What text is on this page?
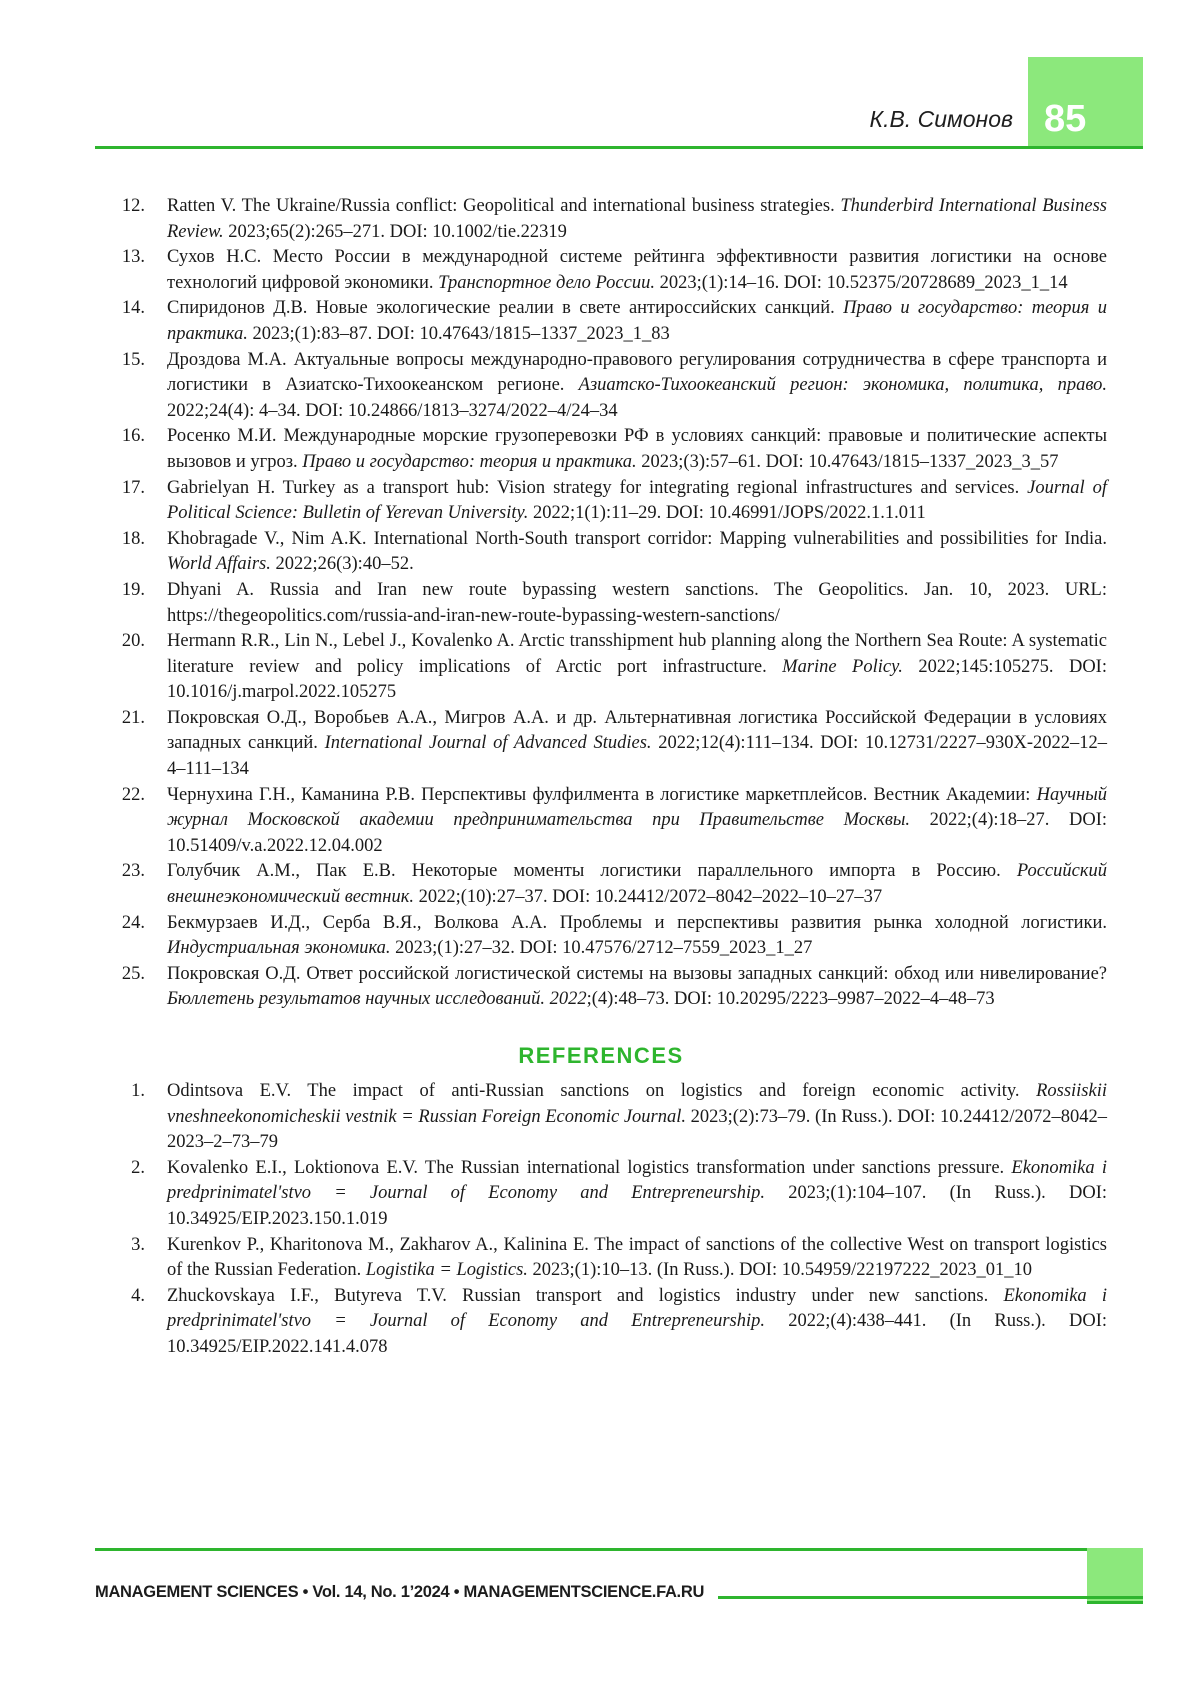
К.В. Симонов 85
12. Ratten V. The Ukraine/Russia conflict: Geopolitical and international business strategies. Thunderbird International Business Review. 2023;65(2):265–271. DOI: 10.1002/tie.22319
13. Сухов Н.С. Место России в международной системе рейтинга эффективности развития логистики на основе технологий цифровой экономики. Транспортное дело России. 2023;(1):14–16. DOI: 10.52375/20728689_2023_1_14
14. Спиридонов Д.В. Новые экологические реалии в свете антироссийских санкций. Право и государство: теория и практика. 2023;(1):83–87. DOI: 10.47643/1815–1337_2023_1_83
15. Дроздова М.А. Актуальные вопросы международно-правового регулирования сотрудничества в сфере транспорта и логистики в Азиатско-Тихоокеанском регионе. Азиатско-Тихоокеанский регион: экономика, политика, право. 2022;24(4): 4–34. DOI: 10.24866/1813–3274/2022–4/24–34
16. Росенко М.И. Международные морские грузоперевозки РФ в условиях санкций: правовые и политические аспекты вызовов и угроз. Право и государство: теория и практика. 2023;(3):57–61. DOI: 10.47643/1815–1337_2023_3_57
17. Gabrielyan H. Turkey as a transport hub: Vision strategy for integrating regional infrastructures and services. Journal of Political Science: Bulletin of Yerevan University. 2022;1(1):11–29. DOI: 10.46991/JOPS/2022.1.1.011
18. Khobragade V., Nim A.K. International North-South transport corridor: Mapping vulnerabilities and possibilities for India. World Affairs. 2022;26(3):40–52.
19. Dhyani A. Russia and Iran new route bypassing western sanctions. The Geopolitics. Jan. 10, 2023. URL: https://thegeopolitics.com/russia-and-iran-new-route-bypassing-western-sanctions/
20. Hermann R.R., Lin N., Lebel J., Kovalenko A. Arctic transshipment hub planning along the Northern Sea Route: A systematic literature review and policy implications of Arctic port infrastructure. Marine Policy. 2022;145:105275. DOI: 10.1016/j.marpol.2022.105275
21. Покровская О.Д., Воробьев А.А., Мигров А.А. и др. Альтернативная логистика Российской Федерации в условиях западных санкций. International Journal of Advanced Studies. 2022;12(4):111–134. DOI: 10.12731/2227–930X-2022–12–4–111–134
22. Чернухина Г.Н., Каманина Р.В. Перспективы фулфилмента в логистике маркетплейсов. Вестник Академии: Научный журнал Московской академии предпринимательства при Правительстве Москвы. 2022;(4):18–27. DOI: 10.51409/v.a.2022.12.04.002
23. Голубчик А.М., Пак Е.В. Некоторые моменты логистики параллельного импорта в Россию. Российский внешнеэкономический вестник. 2022;(10):27–37. DOI: 10.24412/2072–8042–2022–10–27–37
24. Бекмурзаев И.Д., Серба В.Я., Волкова А.А. Проблемы и перспективы развития рынка холодной логистики. Индустриальная экономика. 2023;(1):27–32. DOI: 10.47576/2712–7559_2023_1_27
25. Покровская О.Д. Ответ российской логистической системы на вызовы западных санкций: обход или нивелирование? Бюллетень результатов научных исследований. 2022;(4):48–73. DOI: 10.20295/2223–9987–2022–4–48–73
REFERENCES
1. Odintsova E.V. The impact of anti-Russian sanctions on logistics and foreign economic activity. Rossiiskii vneshneekonomicheskii vestnik = Russian Foreign Economic Journal. 2023;(2):73–79. (In Russ.). DOI: 10.24412/2072–8042–2023–2–73–79
2. Kovalenko E.I., Loktionova E.V. The Russian international logistics transformation under sanctions pressure. Ekonomika i predprinimatel'stvo = Journal of Economy and Entrepreneurship. 2023;(1):104–107. (In Russ.). DOI: 10.34925/EIP.2023.150.1.019
3. Kurenkov P., Kharitonova M., Zakharov A., Kalinina E. The impact of sanctions of the collective West on transport logistics of the Russian Federation. Logistika = Logistics. 2023;(1):10–13. (In Russ.). DOI: 10.54959/22197222_2023_01_10
4. Zhuckovskaya I.F., Butyreva T.V. Russian transport and logistics industry under new sanctions. Ekonomika i predprinimatel'stvo = Journal of Economy and Entrepreneurship. 2022;(4):438–441. (In Russ.). DOI: 10.34925/EIP.2022.141.4.078
MANAGEMENT SCIENCES • Vol. 14, No. 1’2024 • MANAGEMENTSCIENCE.FA.RU
